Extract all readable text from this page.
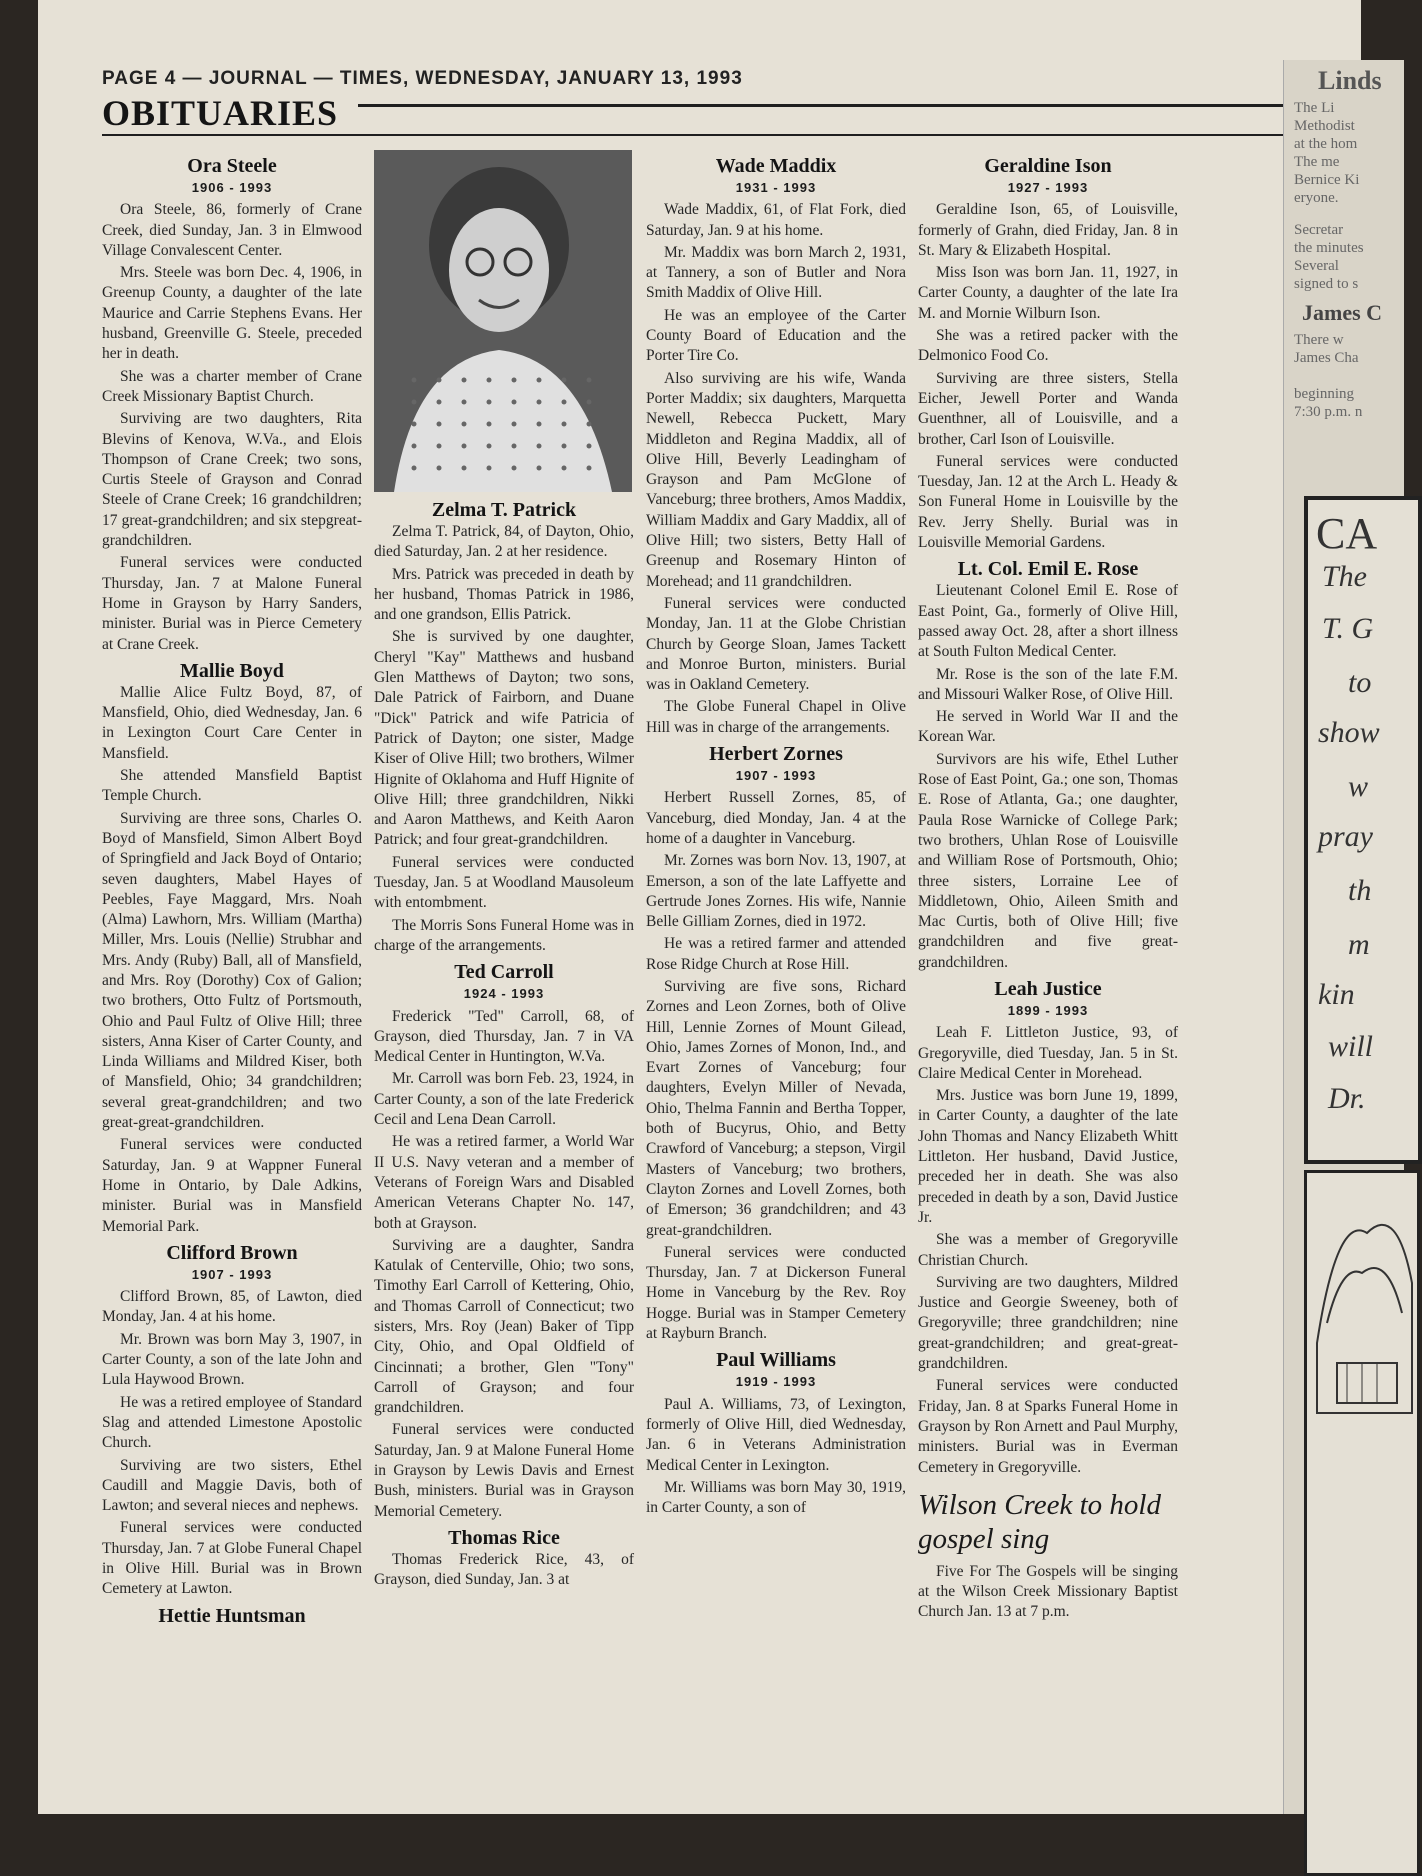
PAGE 4 — JOURNAL — TIMES, WEDNESDAY, JANUARY 13, 1993
OBITUARIES
Ora Steele
1906 - 1993

Ora Steele, 86, formerly of Crane Creek, died Sunday, Jan. 3 in Elmwood Village Convalescent Center.

Mrs. Steele was born Dec. 4, 1906, in Greenup County, a daughter of the late Maurice and Carrie Stephens Evans. Her husband, Greenville G. Steele, preceded her in death.

She was a charter member of Crane Creek Missionary Baptist Church.

Surviving are two daughters, Rita Blevins of Kenova, W.Va., and Elois Thompson of Crane Creek; two sons, Curtis Steele of Grayson and Conrad Steele of Crane Creek; 16 grandchildren; 17 great-grandchildren; and six stepgreat-grandchildren.

Funeral services were conducted Thursday, Jan. 7 at Malone Funeral Home in Grayson by Harry Sanders, minister. Burial was in Pierce Cemetery at Crane Creek.

Mallie Boyd

Mallie Alice Fultz Boyd, 87, of Mansfield, Ohio, died Wednesday, Jan. 6 in Lexington Court Care Center in Mansfield.

She attended Mansfield Baptist Temple Church.

Surviving are three sons, Charles O. Boyd of Mansfield, Simon Albert Boyd of Springfield and Jack Boyd of Ontario; seven daughters, Mabel Hayes of Peebles, Faye Maggard, Mrs. Noah (Alma) Lawhorn, Mrs. William (Martha) Miller, Mrs. Louis (Nellie) Strubhar and Mrs. Andy (Ruby) Ball, all of Mansfield, and Mrs. Roy (Dorothy) Cox of Galion; two brothers, Otto Fultz of Portsmouth, Ohio and Paul Fultz of Olive Hill; three sisters, Anna Kiser of Carter County, and Linda Williams and Mildred Kiser, both of Mansfield, Ohio; 34 grandchildren; several great-grandchildren; and two great-great-grandchildren.

Funeral services were conducted Saturday, Jan. 9 at Wappner Funeral Home in Ontario, by Dale Adkins, minister. Burial was in Mansfield Memorial Park.

Clifford Brown
1907 - 1993

Clifford Brown, 85, of Lawton, died Monday, Jan. 4 at his home.

Mr. Brown was born May 3, 1907, in Carter County, a son of the late John and Lula Haywood Brown.

He was a retired employee of Standard Slag and attended Limestone Apostolic Church.

Surviving are two sisters, Ethel Caudill and Maggie Davis, both of Lawton; and several nieces and nephews.

Funeral services were conducted Thursday, Jan. 7 at Globe Funeral Chapel in Olive Hill. Burial was in Brown Cemetery at Lawton.

Hettie Huntsman
Zelma T. Patrick

Zelma T. Patrick, 84, of Dayton, Ohio, died Saturday, Jan. 2 at her residence.

Mrs. Patrick was preceded in death by her husband, Thomas Patrick in 1986, and one grandson, Ellis Patrick.

She is survived by one daughter, Cheryl "Kay" Matthews and husband Glen Matthews of Dayton; two sons, Dale Patrick of Fairborn, and Duane "Dick" Patrick and wife Patricia of Patrick of Dayton; one sister, Madge Kiser of Olive Hill; two brothers, Wilmer Hignite of Oklahoma and Huff Hignite of Olive Hill; three grandchildren, Nikki and Aaron Matthews, and Keith Aaron Patrick; and four great-grandchildren.

Funeral services were conducted Tuesday, Jan. 5 at Woodland Mausoleum with entombment.

The Morris Sons Funeral Home was in charge of the arrangements.

Ted Carroll
1924 - 1993

Frederick "Ted" Carroll, 68, of Grayson, died Thursday, Jan. 7 in VA Medical Center in Huntington, W.Va.

Mr. Carroll was born Feb. 23, 1924, in Carter County, a son of the late Frederick Cecil and Lena Dean Carroll.

He was a retired farmer, a World War II U.S. Navy veteran and a member of Veterans of Foreign Wars and Disabled American Veterans Chapter No. 147, both at Grayson.

Surviving are a daughter, Sandra Katulak of Centerville, Ohio; two sons, Timothy Earl Carroll of Kettering, Ohio, and Thomas Carroll of Connecticut; two sisters, Mrs. Roy (Jean) Baker of Tipp City, Ohio, and Opal Oldfield of Cincinnati; a brother, Glen "Tony" Carroll of Grayson; and four grandchildren.

Funeral services were conducted Saturday, Jan. 9 at Malone Funeral Home in Grayson by Lewis Davis and Ernest Bush, ministers. Burial was in Grayson Memorial Cemetery.

Thomas Rice

Thomas Frederick Rice, 43, of Grayson, died Sunday, Jan. 3 at

Wade Maddix
1931 - 1993

Wade Maddix, 61, of Flat Fork, died Saturday, Jan. 9 at his home.

Mr. Maddix was born March 2, 1931, at Tannery, a son of Butler and Nora Smith Maddix of Olive Hill.

He was an employee of the Carter County Board of Education and the Porter Tire Co.

Also surviving are his wife, Wanda Porter Maddix; six daughters, Marquetta Newell, Rebecca Puckett, Mary Middleton and Regina Maddix, all of Olive Hill, Beverly Leadingham of Grayson and Pam McGlone of Vanceburg; three brothers, Amos Maddix, William Maddix and Gary Maddix, all of Olive Hill; two sisters, Betty Hall of Greenup and Rosemary Hinton of Morehead; and 11 grandchildren.

Funeral services were conducted Monday, Jan. 11 at the Globe Christian Church by George Sloan, James Tackett and Monroe Burton, ministers. Burial was in Oakland Cemetery.

The Globe Funeral Chapel in Olive Hill was in charge of the arrangements.

Herbert Zornes
1907 - 1993

Herbert Russell Zornes, 85, of Vanceburg, died Monday, Jan. 4 at the home of a daughter in Vanceburg.

Mr. Zornes was born Nov. 13, 1907, at Emerson, a son of the late Laffyette and Gertrude Jones Zornes. His wife, Nannie Belle Gilliam Zornes, died in 1972.

He was a retired farmer and attended Rose Ridge Church at Rose Hill.

Surviving are five sons, Richard Zornes and Leon Zornes, both of Olive Hill, Lennie Zornes of Mount Gilead, Ohio, James Zornes of Monon, Ind., and Evart Zornes of Vanceburg; four daughters, Evelyn Miller of Nevada, Ohio, Thelma Fannin and Bertha Topper, both of Bucyrus, Ohio, and Betty Crawford of Vanceburg; a stepson, Virgil Masters of Vanceburg; two brothers, Clayton Zornes and Lovell Zornes, both of Emerson; 36 grandchildren; and 43 great-grandchildren.

Funeral services were conducted Thursday, Jan. 7 at Dickerson Funeral Home in Vanceburg by the Rev. Roy Hogge. Burial was in Stamper Cemetery at Rayburn Branch.

Paul Williams
1919 - 1993

Paul A. Williams, 73, of Lexington, formerly of Olive Hill, died Wednesday, Jan. 6 in Veterans Administration Medical Center in Lexington.

Mr. Williams was born May 30, 1919, in Carter County, a son of

Geraldine Ison
1927 - 1993

Geraldine Ison, 65, of Louisville, formerly of Grahn, died Friday, Jan. 8 in St. Mary & Elizabeth Hospital.

Miss Ison was born Jan. 11, 1927, in Carter County, a daughter of the late Ira M. and Mornie Wilburn Ison.

She was a retired packer with the Delmonico Food Co.

Surviving are three sisters, Stella Eicher, Jewell Porter and Wanda Guenthner, all of Louisville, and a brother, Carl Ison of Louisville.

Funeral services were conducted Tuesday, Jan. 12 at the Arch L. Heady & Son Funeral Home in Louisville by the Rev. Jerry Shelly. Burial was in Louisville Memorial Gardens.

Lt. Col. Emil E. Rose

Lieutenant Colonel Emil E. Rose of East Point, Ga., formerly of Olive Hill, passed away Oct. 28, after a short illness at South Fulton Medical Center.

Mr. Rose is the son of the late F.M. and Missouri Walker Rose, of Olive Hill.

He served in World War II and the Korean War.

Survivors are his wife, Ethel Luther Rose of East Point, Ga.; one son, Thomas E. Rose of Atlanta, Ga.; one daughter, Paula Rose Warnicke of College Park; two brothers, Uhlan Rose of Louisville and William Rose of Portsmouth, Ohio; three sisters, Lorraine Lee of Middletown, Ohio, Aileen Smith and Mac Curtis, both of Olive Hill; five grandchildren and five great-grandchildren.

Leah Justice
1899 - 1993

Leah F. Littleton Justice, 93, of Gregoryville, died Tuesday, Jan. 5 in St. Claire Medical Center in Morehead.

Mrs. Justice was born June 19, 1899, in Carter County, a daughter of the late John Thomas and Nancy Elizabeth Whitt Littleton. Her husband, David Justice, preceded her in death. She was also preceded in death by a son, David Justice Jr.

She was a member of Gregoryville Christian Church.

Surviving are two daughters, Mildred Justice and Georgie Sweeney, both of Gregoryville; three grandchildren; nine great-grandchildren; and great-great-grandchildren.

Funeral services were conducted Friday, Jan. 8 at Sparks Funeral Home in Grayson by Ron Arnett and Paul Murphy, ministers. Burial was in Everman Cemetery in Gregoryville.

Wilson Creek to hold gospel sing

Five For The Gospels will be singing at the Wilson Creek Missionary Baptist Church Jan. 13 at 7 p.m.

Linds
The Li
Methodist
at the hom
The me
Bernice Ki
eryone.
Secretar
the minutes
Several
signed to s
James C
There w
James Cha
beginning
7:30 p.m. n
CA
The
T. G
to
show
w
pray
th
m
kin
will
Dr.
